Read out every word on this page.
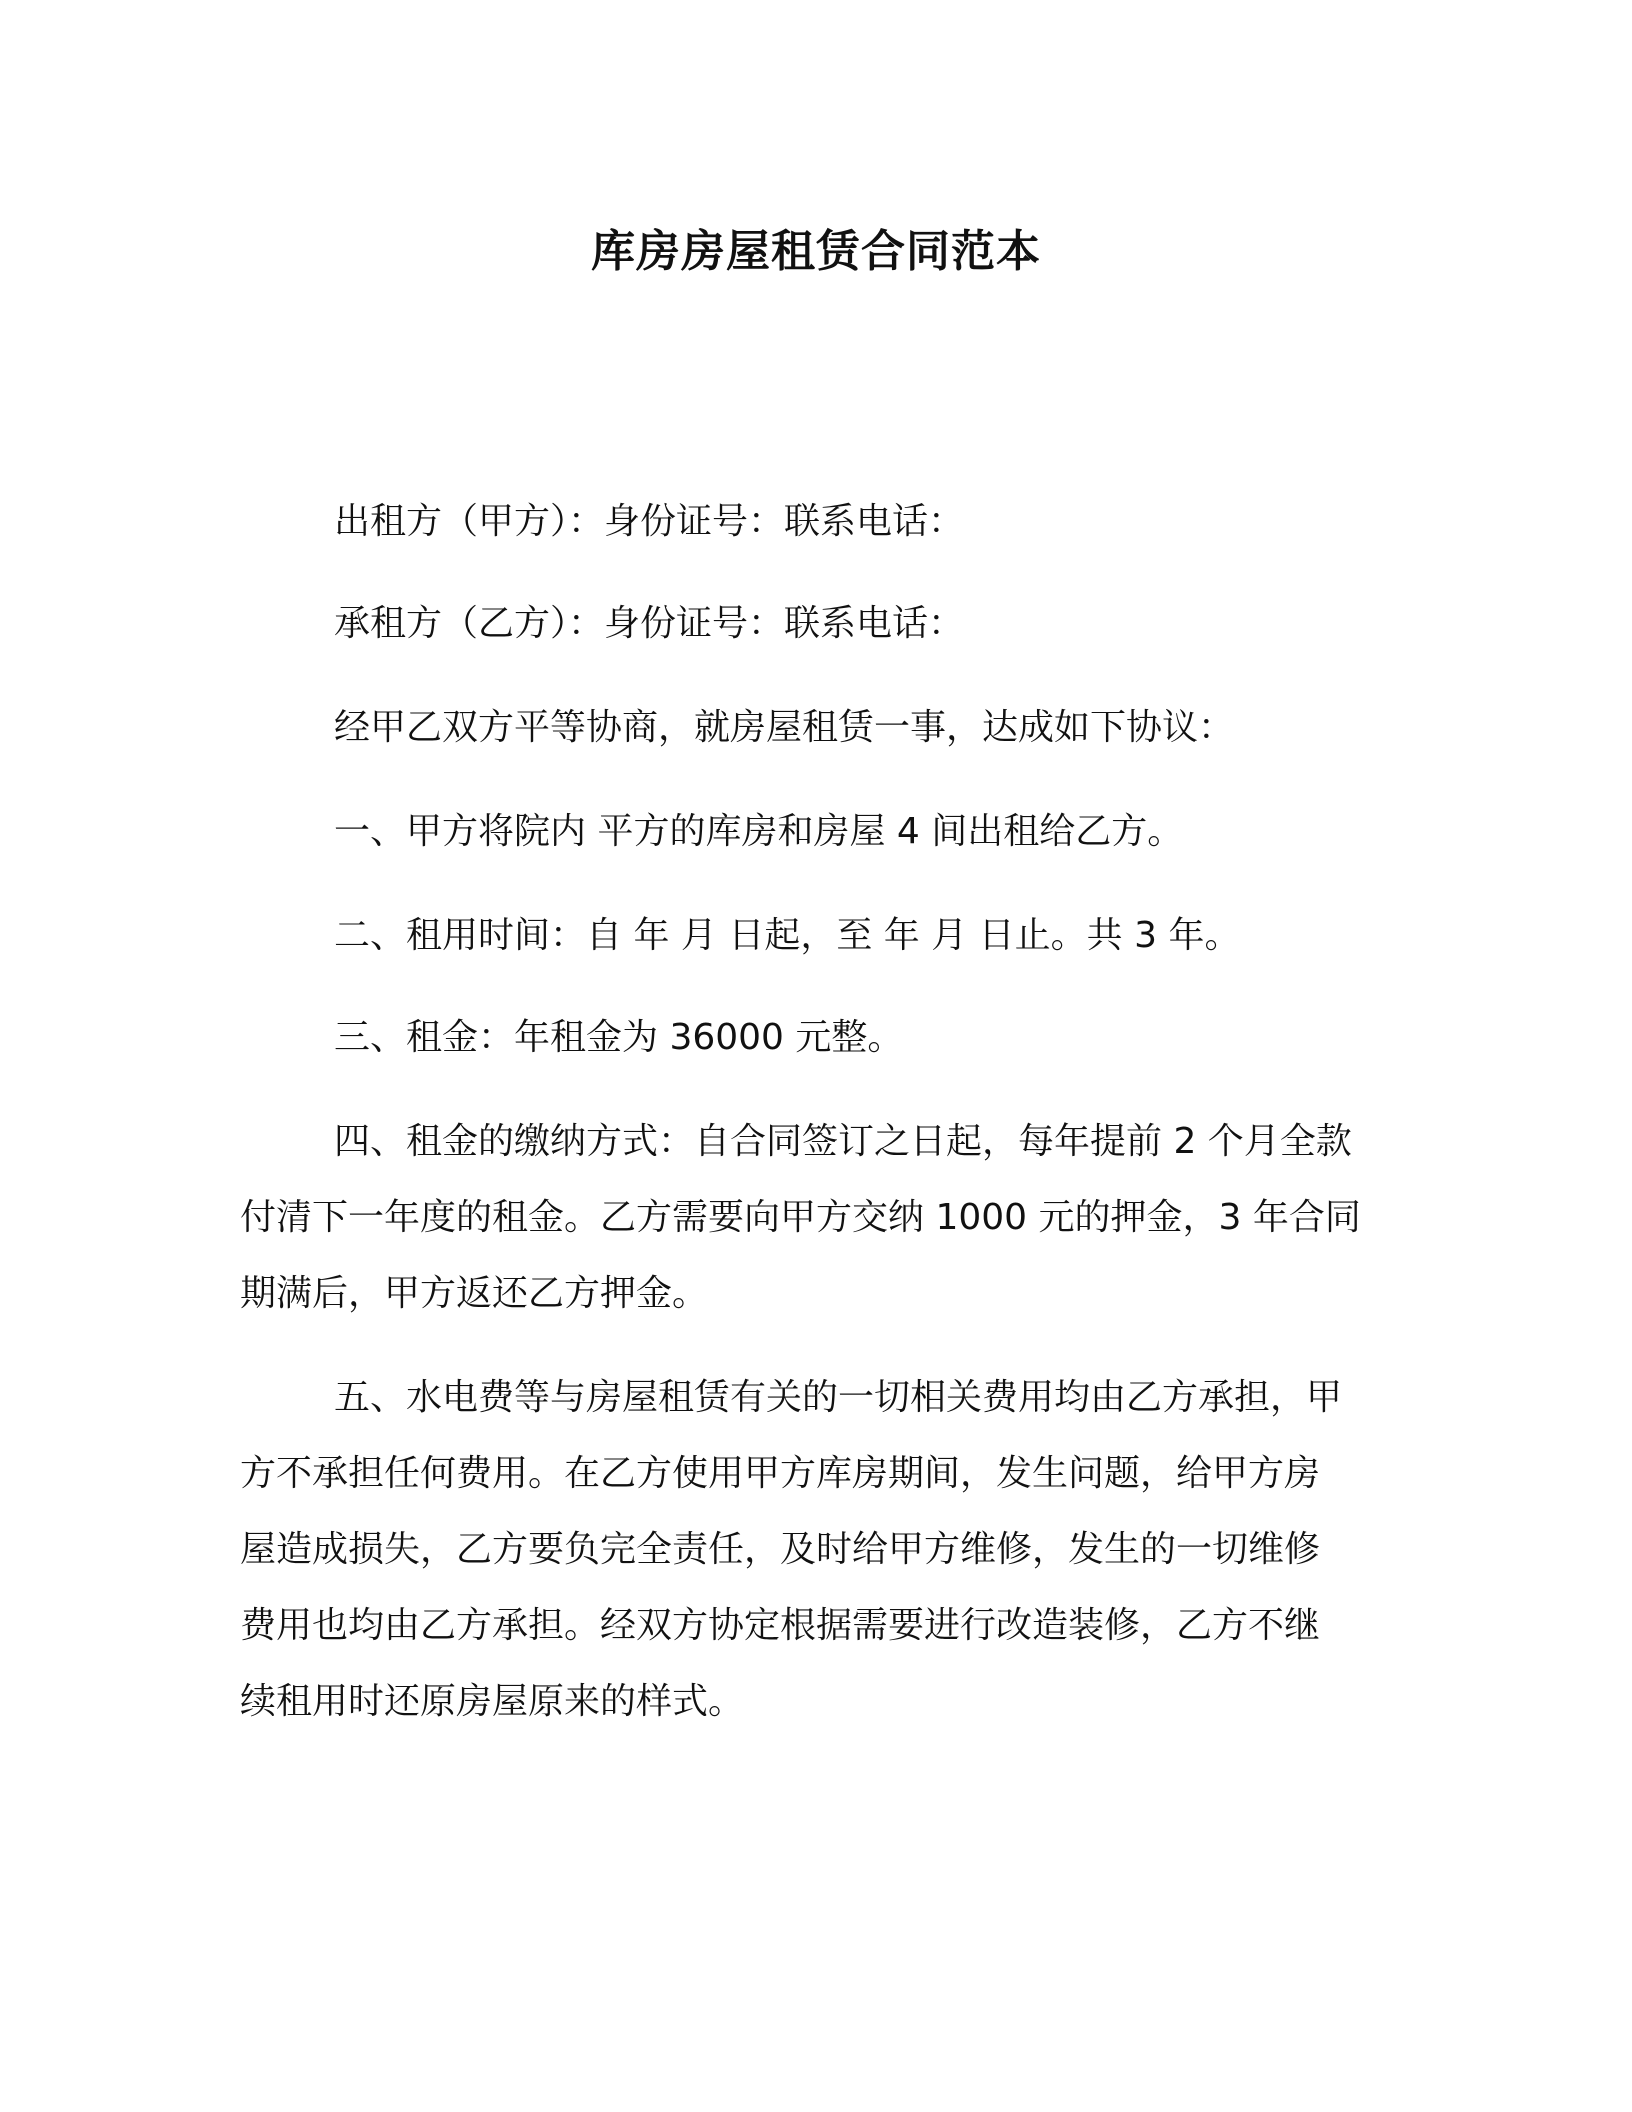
库房房屋租赁合同范本

出租方（甲方）：身份证号：联系电话：

承租方（乙方）：身份证号：联系电话：

经甲乙双方平等协商，就房屋租赁一事，达成如下协议：

一、甲方将院内 平方的库房和房屋 4 间出租给乙方。

二、租用时间：自 年 月 日起，至 年 月 日止。共 3 年。

三、租金：年租金为 36000 元整。

四、租金的缴纳方式：自合同签订之日起，每年提前 2 个月全款
付清下一年度的租金。乙方需要向甲方交纳 1000 元的押金，3 年合同
期满后，甲方返还乙方押金。
五、水电费等与房屋租赁有关的一切相关费用均由乙方承担，甲
方不承担任何费用。在乙方使用甲方库房期间，发生问题，给甲方房
屋造成损失，乙方要负完全责任，及时给甲方维修，发生的一切维修
费用也均由乙方承担。经双方协定根据需要进行改造装修，乙方不继
续租用时还原房屋原来的样式。
